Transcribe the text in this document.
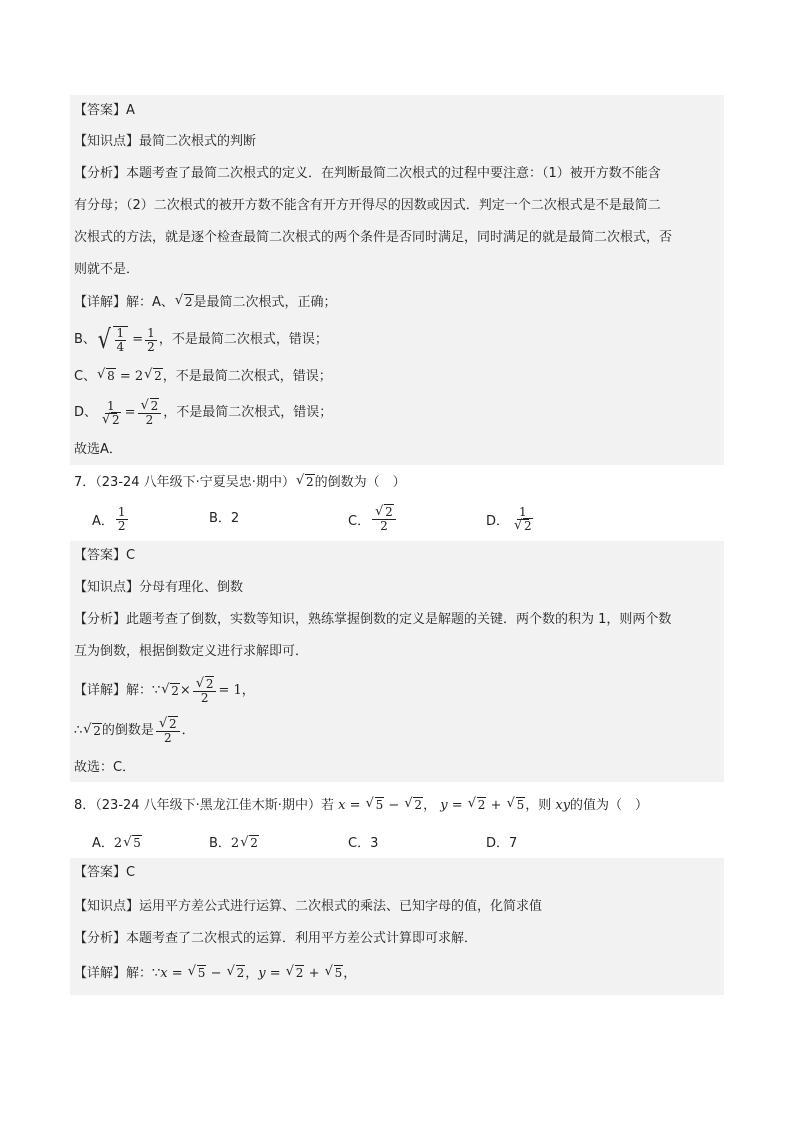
【答案】A
【知识点】最简二次根式的判断
【分析】本题考查了最简二次根式的定义．在判断最简二次根式的过程中要注意：（1）被开方数不能含
有分母；（2）二次根式的被开方数不能含有开方开得尽的因数或因式．判定一个二次根式是不是最简二
次根式的方法，就是逐个检查最简二次根式的两个条件是否同时满足，同时满足的就是最简二次根式，否
则就不是．
【详解】解：A、 √ 2是最简二次根式，正确；
B、 √ $\frac{1}{4} = \frac{1}{2}$ ，不是最简二次根式，错误；
C、 √ 8 = 2 √ 2，不是最简二次根式，错误；
D、 1
√ 2 = √ $\frac{2}{2}$ ，不是最简二次根式，错误；
故选A．
7．（23-24 八年级下·宁夏吴忠·期中） √ 2的倒数为（　）
A． $\frac{1}{2}$	B．2	C． √ $\frac{2}{2}$	D． 1
√ 2
【答案】C
【知识点】分母有理化、倒数
【分析】此题考查了倒数，实数等知识，熟练掌握倒数的定义是解题的关键．两个数的积为 1，则两个数
互为倒数，根据倒数定义进行求解即可．
【详解】解：∵ √ 2 × √ $\frac{2}{2} = 1$，
∴ √ 2 的倒数是 √ $\frac{2}{2}$ ．
故选：C．
8．（23-24 八年级下·黑龙江佳木斯·期中）若 x = √ 5 − √ 2， y = √ 2 + √ 5，则 xy的值为（　）
A．2 √ 5	B．2 √ 2	C．3	D．7
【答案】C
【知识点】运用平方差公式进行运算、二次根式的乘法、已知字母的值，化简求值
【分析】本题考查了二次根式的运算．利用平方差公式计算即可求解．
【详解】解：∵x = √ 5 − √ 2，y = √ 2 + √ 5，
